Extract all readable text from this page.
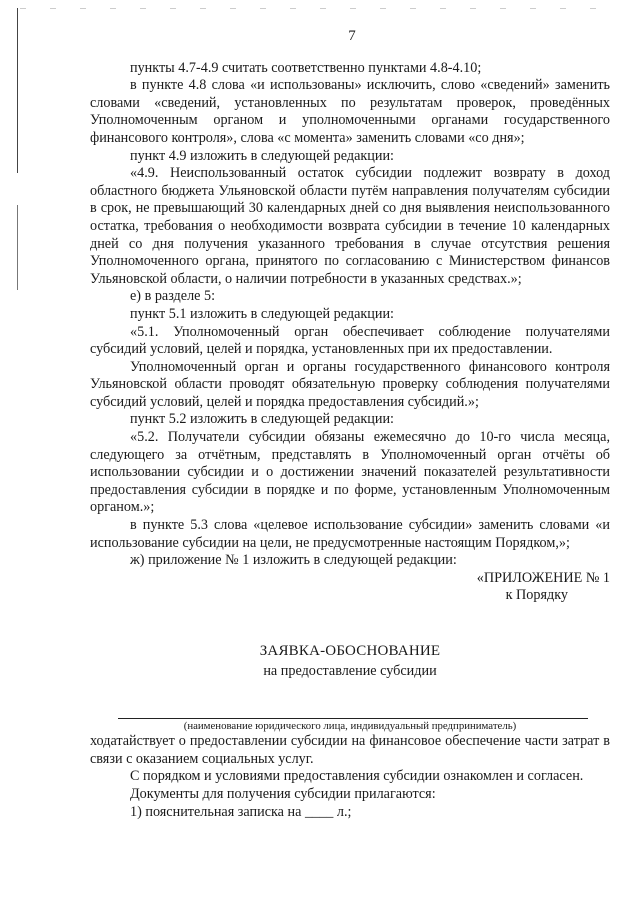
7

пункты 4.7-4.9 считать соответственно пунктами 4.8-4.10;

в пункте 4.8 слова «и использованы» исключить, слово «сведений» заменить словами «сведений, установленных по результатам проверок, проведённых Уполномоченным органом и уполномоченными органами государственного финансового контроля», слова «с момента» заменить словами «со дня»;

пункт 4.9 изложить в следующей редакции:

«4.9. Неиспользованный остаток субсидии подлежит возврату в доход областного бюджета Ульяновской области путём направления получателям субсидии в срок, не превышающий 30 календарных дней со дня выявления неиспользованного остатка, требования о необходимости возврата субсидии в течение 10 календарных дней со дня получения указанного требования в случае отсутствия решения Уполномоченного органа, принятого по согласованию с Министерством финансов Ульяновской области, о наличии потребности в указанных средствах.»;

е) в разделе 5:

пункт 5.1 изложить в следующей редакции:

«5.1. Уполномоченный орган обеспечивает соблюдение получателями субсидий условий, целей и порядка, установленных при их предоставлении.

Уполномоченный орган и органы государственного финансового контроля Ульяновской области проводят обязательную проверку соблюдения получателями субсидий условий, целей и порядка предоставления субсидий.»;

пункт 5.2 изложить в следующей редакции:

«5.2. Получатели субсидии обязаны ежемесячно до 10-го числа месяца, следующего за отчётным, представлять в Уполномоченный орган отчёты об использовании субсидии и о достижении значений показателей результативности предоставления субсидии в порядке и по форме, установленным Уполномоченным органом.»;

в пункте 5.3 слова «целевое использование субсидии» заменить словами «и использование субсидии на цели, не предусмотренные настоящим Порядком,»;

ж) приложение № 1 изложить в следующей редакции:

«ПРИЛОЖЕНИЕ № 1
к Порядку
ЗАЯВКА-ОБОСНОВАНИЕ
на предоставление субсидии
(наименование юридического лица, индивидуальный предприниматель)

ходатайствует о предоставлении субсидии на финансовое обеспечение части затрат в связи с оказанием социальных услуг.

С порядком и условиями предоставления субсидии ознакомлен и согласен.

Документы для получения субсидии прилагаются:

1) пояснительная записка на ____ л.;
